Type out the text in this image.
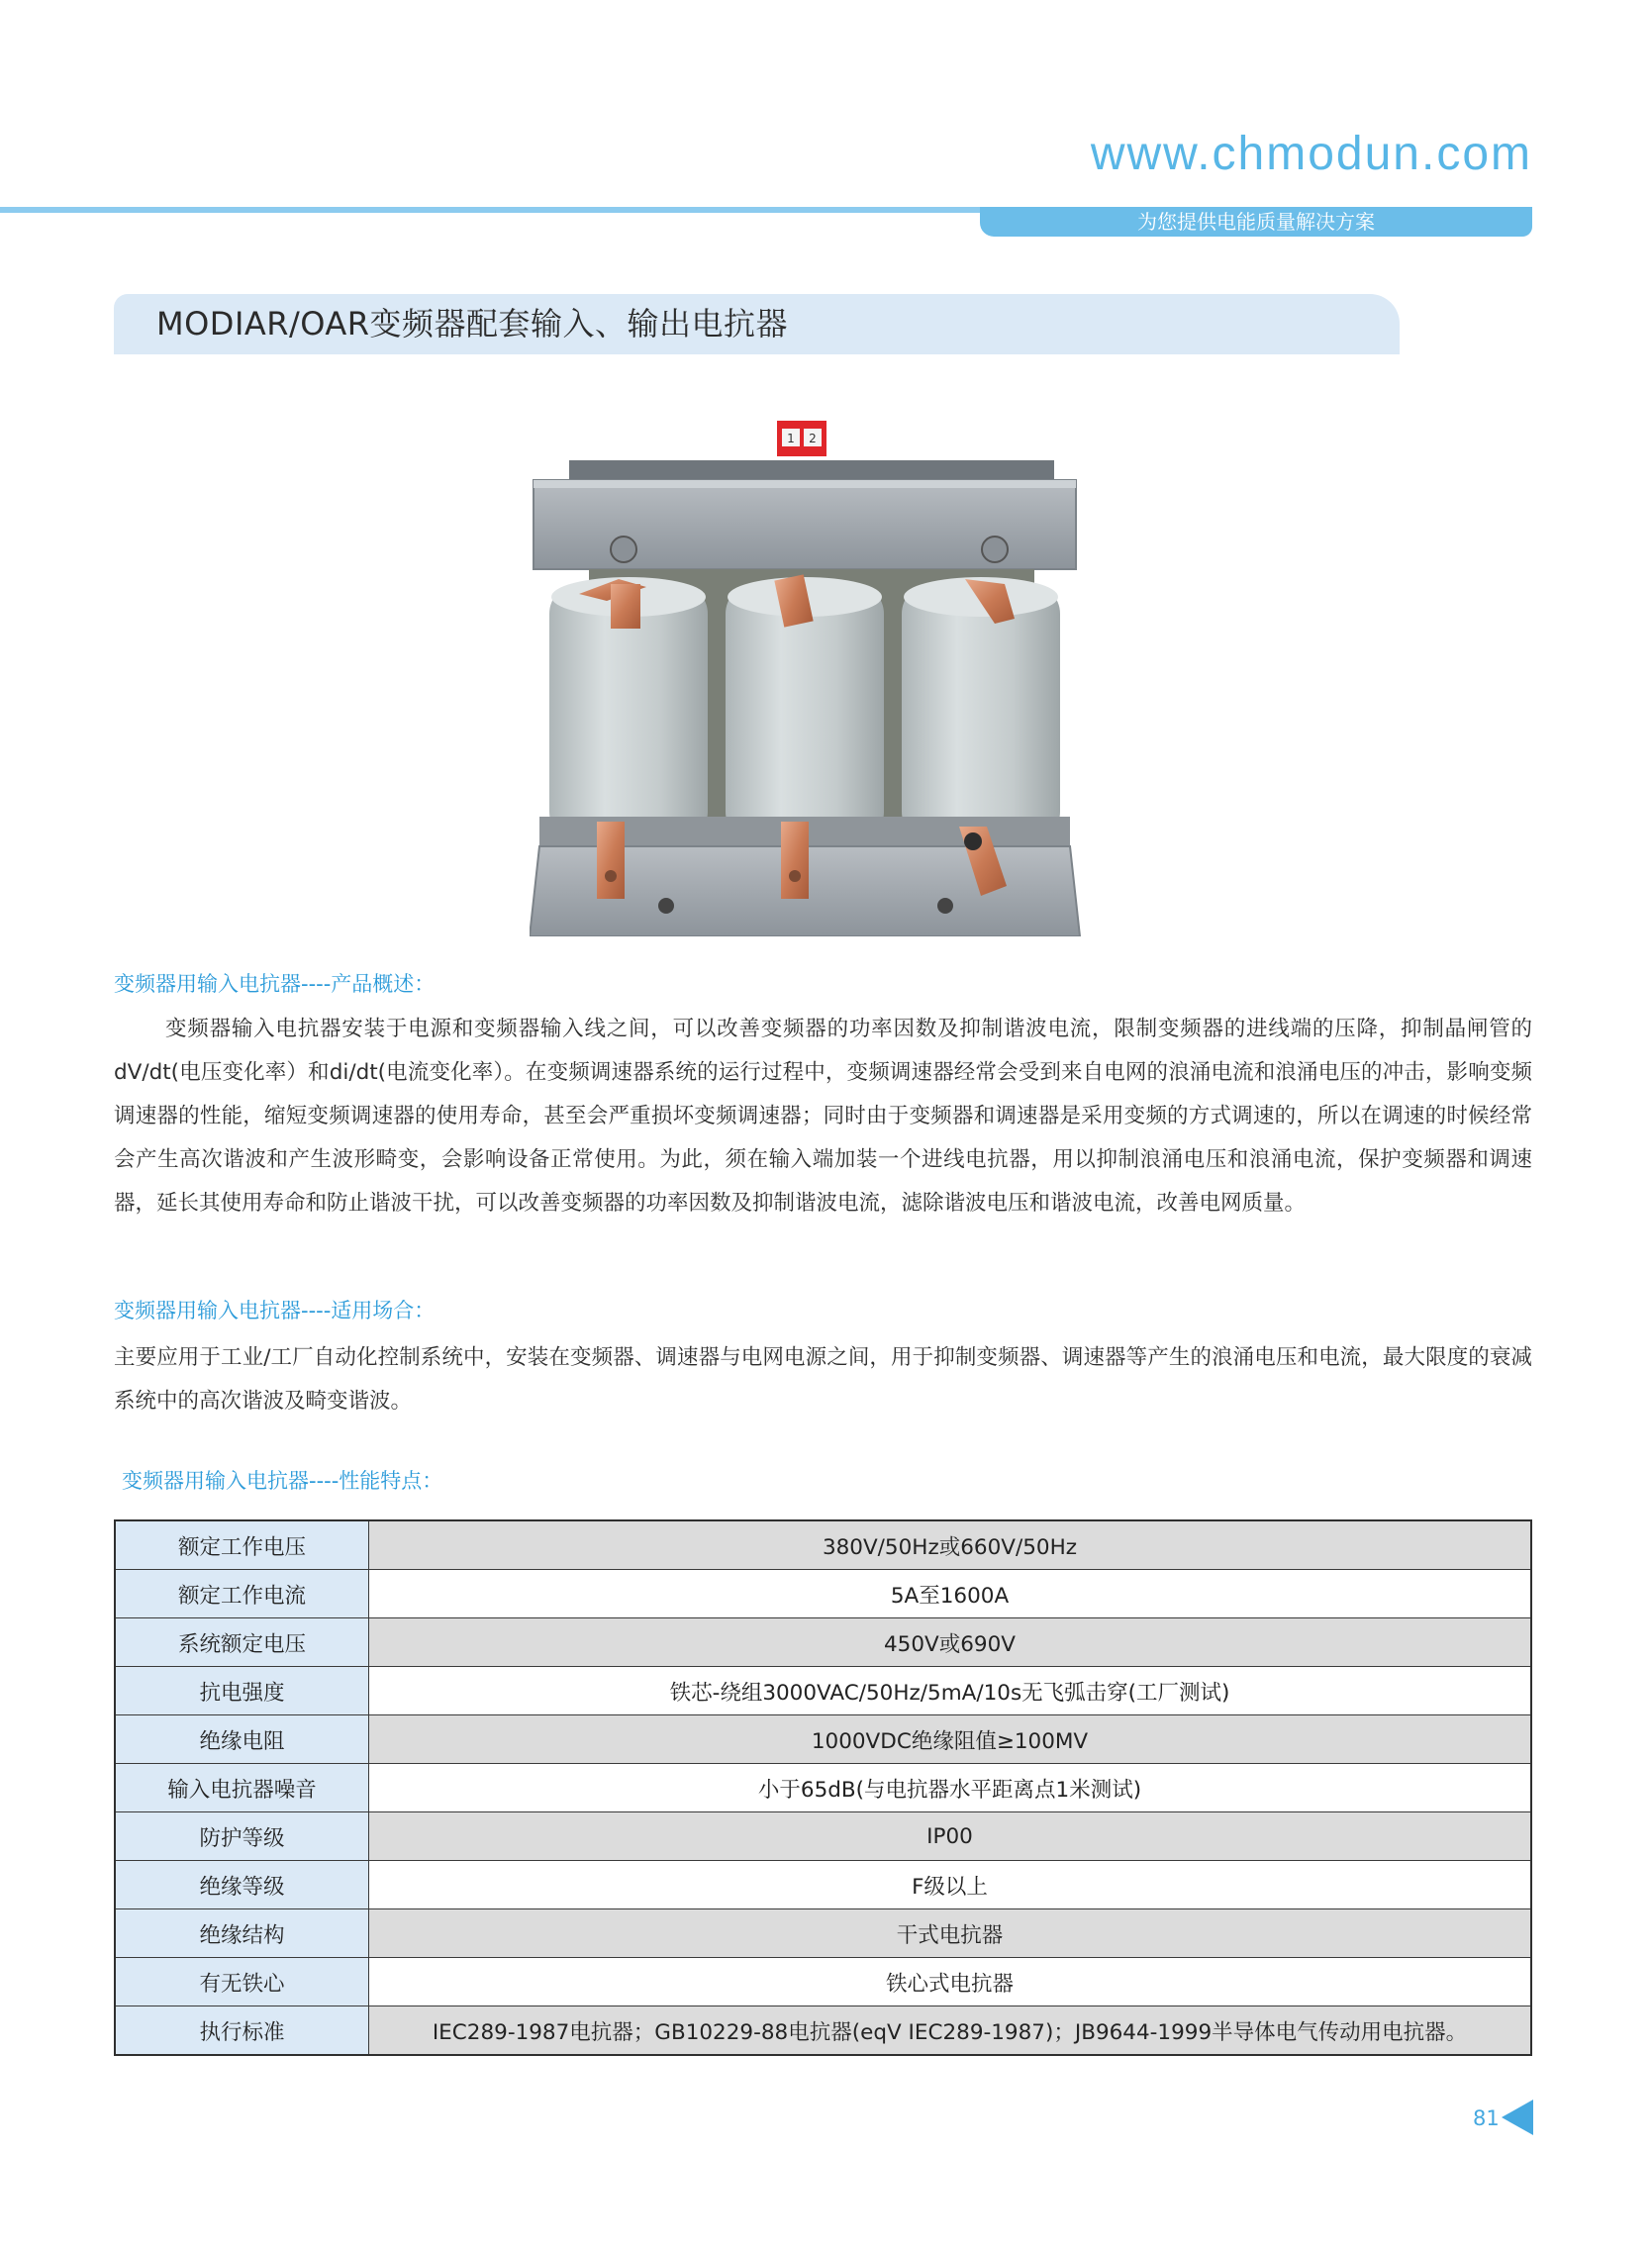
www.chmodun.com
为您提供电能质量解决方案
MODIAR/OAR变频器配套输入、输出电抗器
1 2
变频器用输入电抗器----产品概述：
变频器输入电抗器安装于电源和变频器输入线之间，可以改善变频器的功率因数及抑制谐波电流，限制变频器的进线端的压降，抑制晶闸管的dV/dt(电压变化率）和di/dt(电流变化率）。在变频调速器系统的运行过程中，变频调速器经常会受到来自电网的浪涌电流和浪涌电压的冲击，影响变频调速器的性能，缩短变频调速器的使用寿命，甚至会严重损坏变频调速器；同时由于变频器和调速器是采用变频的方式调速的，所以在调速的时候经常会产生高次谐波和产生波形畸变，会影响设备正常使用。为此，须在输入端加装一个进线电抗器，用以抑制浪涌电压和浪涌电流，保护变频器和调速器，延长其使用寿命和防止谐波干扰，可以改善变频器的功率因数及抑制谐波电流，滤除谐波电压和谐波电流，改善电网质量。
变频器用输入电抗器----适用场合：
主要应用于工业/工厂自动化控制系统中，安装在变频器、调速器与电网电源之间，用于抑制变频器、调速器等产生的浪涌电压和电流，最大限度的衰减系统中的高次谐波及畸变谐波。
变频器用输入电抗器----性能特点：
额定工作电压	380V/50Hz或660V/50Hz
额定工作电流	5A至1600A
系统额定电压	450V或690V
抗电强度	铁芯-绕组3000VAC/50Hz/5mA/10s无飞弧击穿(工厂测试)
绝缘电阻	1000VDC绝缘阻值≥100MV
输入电抗器噪音	小于65dB(与电抗器水平距离点1米测试)
防护等级	IP00
绝缘等级	F级以上
绝缘结构	干式电抗器
有无铁心	铁心式电抗器
执行标准	IEC289-1987电抗器；GB10229-88电抗器(eqV IEC289-1987)；JB9644-1999半导体电气传动用电抗器。
81
